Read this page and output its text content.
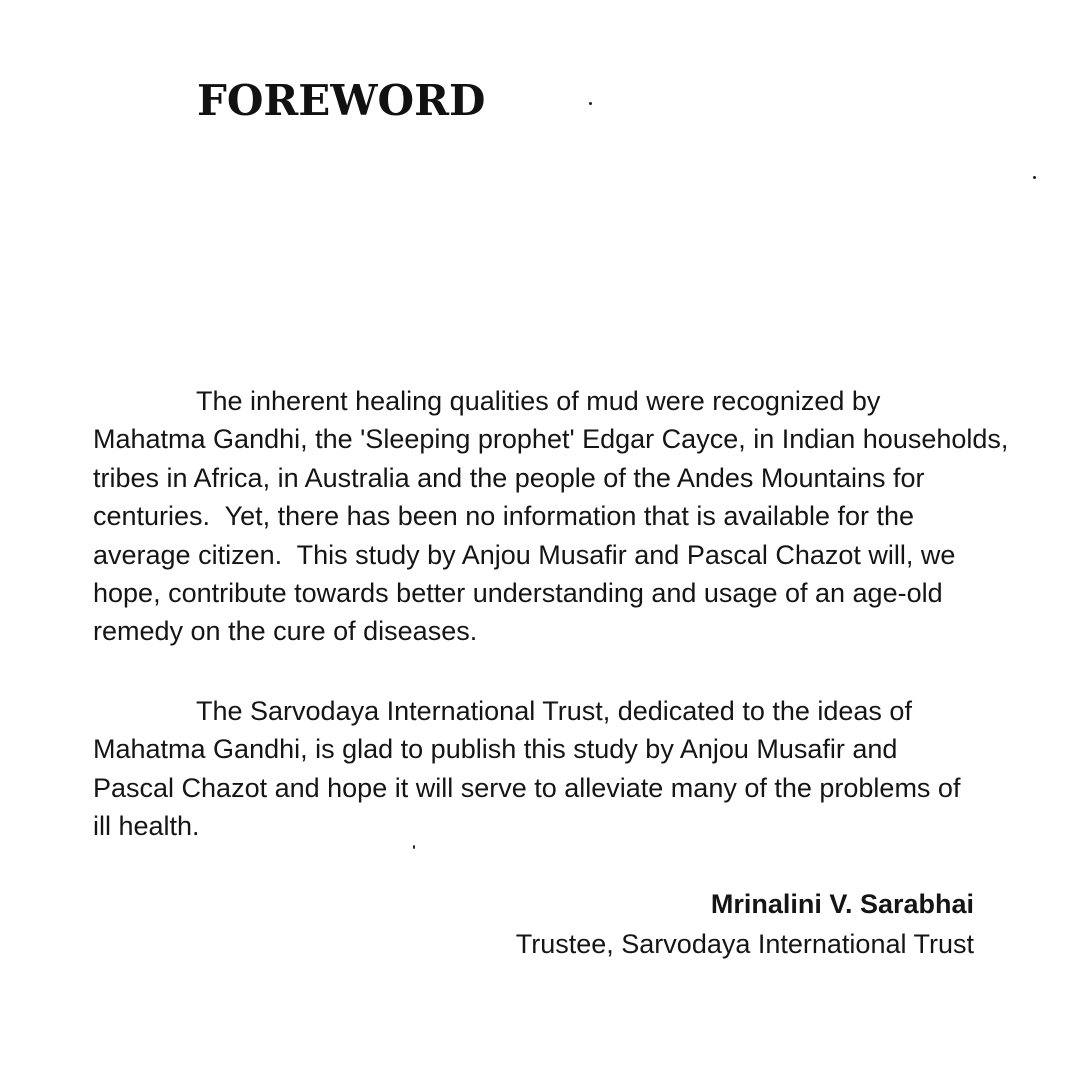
FOREWORD
The inherent healing qualities of mud were recognized by
Mahatma Gandhi, the 'Sleeping prophet' Edgar Cayce, in Indian households,
tribes in Africa, in Australia and the people of the Andes Mountains for
centuries.  Yet, there has been no information that is available for the
average citizen.  This study by Anjou Musafir and Pascal Chazot will, we
hope, contribute towards better understanding and usage of an age-old
remedy on the cure of diseases.
The Sarvodaya International Trust, dedicated to the ideas of
Mahatma Gandhi, is glad to publish this study by Anjou Musafir and
Pascal Chazot and hope it will serve to alleviate many of the problems of
ill health.
Mrinalini V. Sarabhai
Trustee, Sarvodaya International Trust
